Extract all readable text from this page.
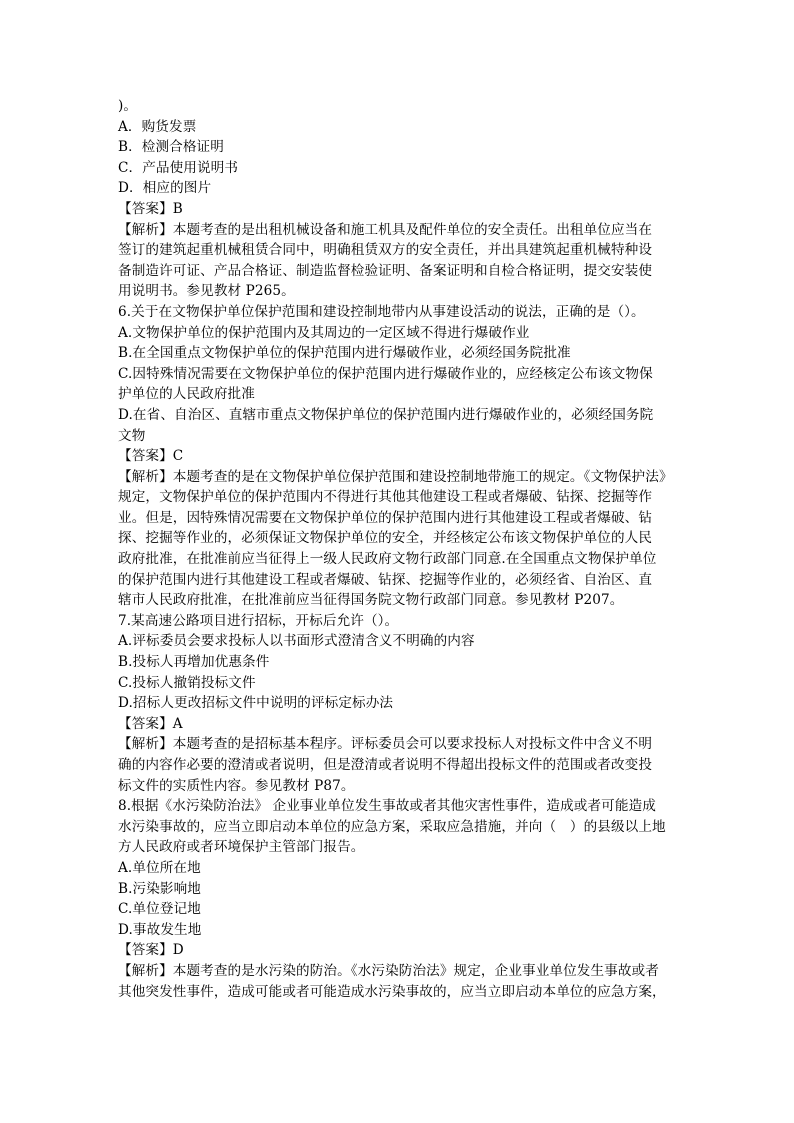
)。
A．购货发票
B．检测合格证明
C．产品使用说明书
D．相应的图片
【答案】B
【解析】本题考查的是出租机械设备和施工机具及配件单位的安全责任。出租单位应当在
签订的建筑起重机械租赁合同中，明确租赁双方的安全责任，并出具建筑起重机械特种设
备制造许可证、产品合格证、制造监督检验证明、备案证明和自检合格证明，提交安装使
用说明书。参见教材 P265。
6.关于在文物保护单位保护范围和建设控制地带内从事建设活动的说法，正确的是（）。
A.文物保护单位的保护范围内及其周边的一定区域不得进行爆破作业
B.在全国重点文物保护单位的保护范围内进行爆破作业，必须经国务院批准
C.因特殊情况需要在文物保护单位的保护范围内进行爆破作业的，应经核定公布该文物保
护单位的人民政府批准
D.在省、自治区、直辖市重点文物保护单位的保护范围内进行爆破作业的，必须经国务院
文物
【答案】C
【解析】本题考查的是在文物保护单位保护范围和建设控制地带施工的规定。《文物保护法》
规定，文物保护单位的保护范围内不得进行其他其他建设工程或者爆破、钻探、挖掘等作
业。但是，因特殊情况需要在文物保护单位的保护范围内进行其他建设工程或者爆破、钻
探、挖掘等作业的，必须保证文物保护单位的安全，并经核定公布该文物保护单位的人民
政府批准，在批准前应当征得上一级人民政府文物行政部门同意.在全国重点文物保护单位
的保护范围内进行其他建设工程或者爆破、钻探、挖掘等作业的，必须经省、自治区、直
辖市人民政府批准，在批准前应当征得国务院文物行政部门同意。参见教材 P207。
7.某高速公路项目进行招标，开标后允许（）。
A.评标委员会要求投标人以书面形式澄清含义不明确的内容
B.投标人再增加优惠条件
C.投标人撤销投标文件
D.招标人更改招标文件中说明的评标定标办法
【答案】A
【解析】本题考查的是招标基本程序。评标委员会可以要求投标人对投标文件中含义不明
确的内容作必要的澄清或者说明，但是澄清或者说明不得超出投标文件的范围或者改变投
标文件的实质性内容。参见教材 P87。
8.根据《水污染防治法》 企业事业单位发生事故或者其他灾害性事件，造成或者可能造成
水污染事故的，应当立即启动本单位的应急方案，采取应急措施，并向（　）的县级以上地
方人民政府或者环境保护主管部门报告。
A.单位所在地
B.污染影响地
C.单位登记地
D.事故发生地
【答案】D
【解析】本题考查的是水污染的防治。《水污染防治法》规定，企业事业单位发生事故或者
其他突发性事件，造成可能或者可能造成水污染事故的，应当立即启动本单位的应急方案，
